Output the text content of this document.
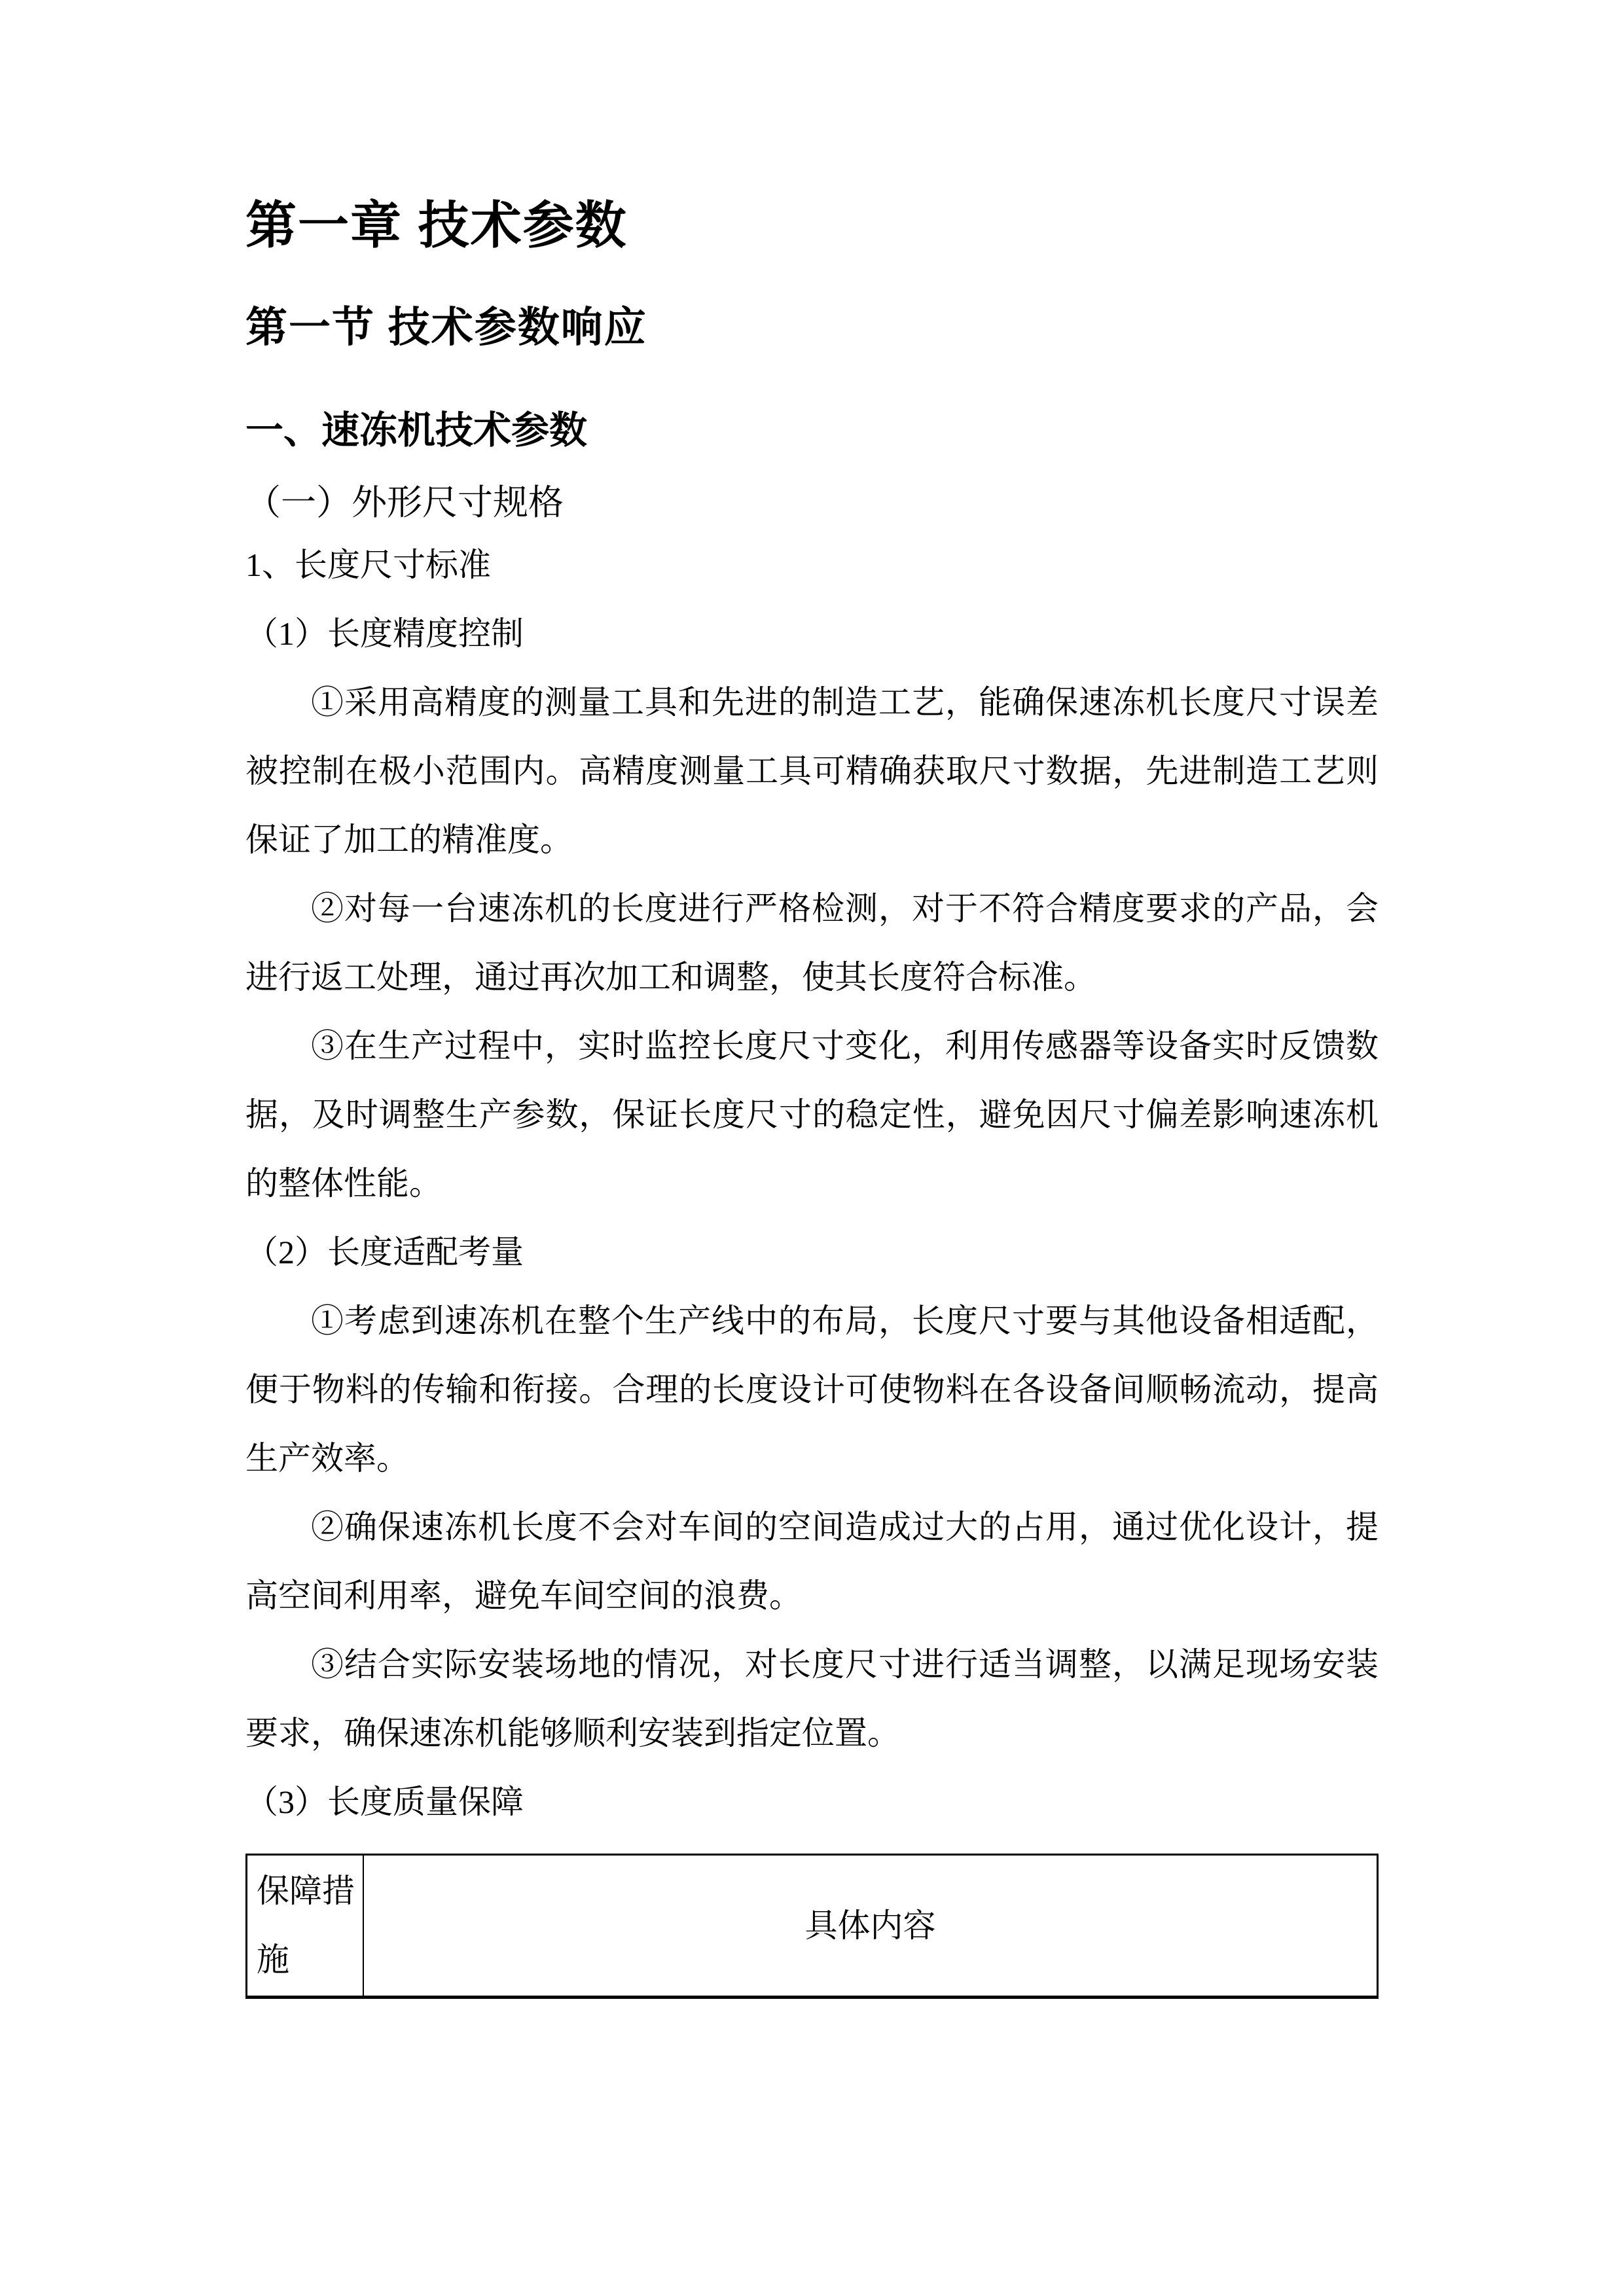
第一章 技术参数
第一节 技术参数响应
一、速冻机技术参数
（一）外形尺寸规格
1、长度尺寸标准
（1）长度精度控制

①采用高精度的测量工具和先进的制造工艺，能确保速冻机长度尺寸误差被控制在极小范围内。高精度测量工具可精确获取尺寸数据，先进制造工艺则保证了加工的精准度。

②对每一台速冻机的长度进行严格检测，对于不符合精度要求的产品，会进行返工处理，通过再次加工和调整，使其长度符合标准。

③在生产过程中，实时监控长度尺寸变化，利用传感器等设备实时反馈数据，及时调整生产参数，保证长度尺寸的稳定性，避免因尺寸偏差影响速冻机的整体性能。

（2）长度适配考量

①考虑到速冻机在整个生产线中的布局，长度尺寸要与其他设备相适配，便于物料的传输和衔接。合理的长度设计可使物料在各设备间顺畅流动，提高生产效率。

②确保速冻机长度不会对车间的空间造成过大的占用，通过优化设计，提高空间利用率，避免车间空间的浪费。

③结合实际安装场地的情况，对长度尺寸进行适当调整，以满足现场安装要求，确保速冻机能够顺利安装到指定位置。

（3）长度质量保障
保障措施	具体内容
